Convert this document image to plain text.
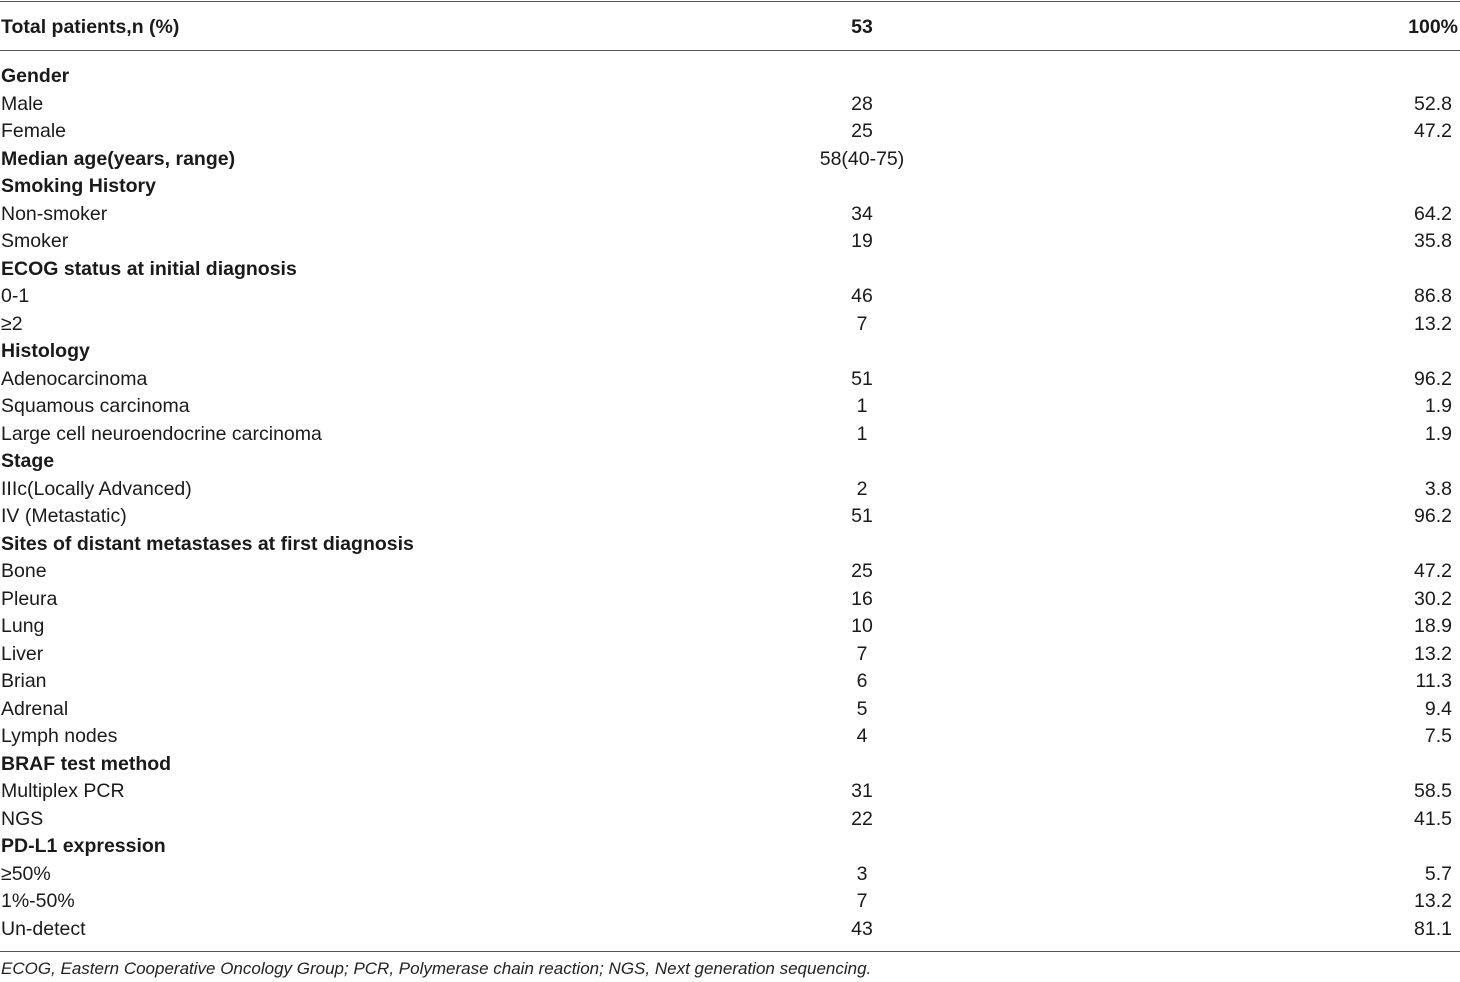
Total patients,n (%)	53	100%
Gender
Male	28	52.8
Female	25	47.2
Median age(years, range)	58(40-75)
Smoking History
Non-smoker	34	64.2
Smoker	19	35.8
ECOG status at initial diagnosis
0-1	46	86.8
≥2	7	13.2
Histology
Adenocarcinoma	51	96.2
Squamous carcinoma	1	1.9
Large cell neuroendocrine carcinoma	1	1.9
Stage
IIIc(Locally Advanced)	2	3.8
IV (Metastatic)	51	96.2
Sites of distant metastases at first diagnosis
Bone	25	47.2
Pleura	16	30.2
Lung	10	18.9
Liver	7	13.2
Brian	6	11.3
Adrenal	5	9.4
Lymph nodes	4	7.5
BRAF test method
Multiplex PCR	31	58.5
NGS	22	41.5
PD-L1 expression
≥50%	3	5.7
1%-50%	7	13.2
Un-detect	43	81.1
ECOG, Eastern Cooperative Oncology Group; PCR, Polymerase chain reaction; NGS, Next generation sequencing.
